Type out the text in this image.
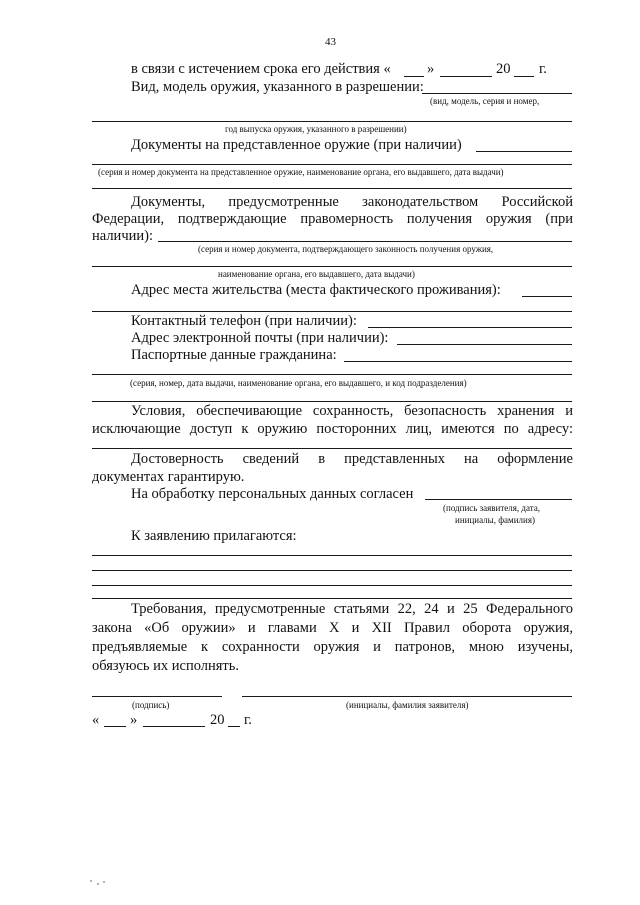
43
в связи с истечением срока его действия «	»	20 г.
Вид, модель оружия, указанного в разрешении:
(вид, модель, серия и номер,
год выпуска оружия, указанного в разрешении)
Документы на представленное оружие (при наличии)
(серия и номер документа на представленное оружие, наименование органа, его выдавшего, дата выдачи)
Документы, предусмотренные законодательством Российской
Федерации, подтверждающие правомерность получения оружия (при
наличии):
(серия и номер документа, подтверждающего законность получения оружия,
наименование органа, его выдавшего, дата выдачи)
Адрес места жительства (места фактического проживания):
Контактный телефон (при наличии):
Адрес электронной почты (при наличии):
Паспортные данные гражданина:
(серия, номер, дата выдачи, наименование органа, его выдавшего, и код подразделения)
Условия, обеспечивающие сохранность, безопасность хранения и
исключающие доступ к оружию посторонних лиц, имеются по адресу:
Достоверность сведений в представленных на оформление
документах гарантирую.
На обработку персональных данных согласен
(подпись заявителя, дата,
инициалы, фамилия)
К заявлению прилагаются:
Требования, предусмотренные статьями 22, 24 и 25 Федерального
закона «Об оружии» и главами X и XII Правил оборота оружия,
предъявляемые к сохранности оружия и патронов, мною изучены,
обязуюсь их исполнять.
(подпись)	(инициалы, фамилия заявителя)
« »	20 г.
